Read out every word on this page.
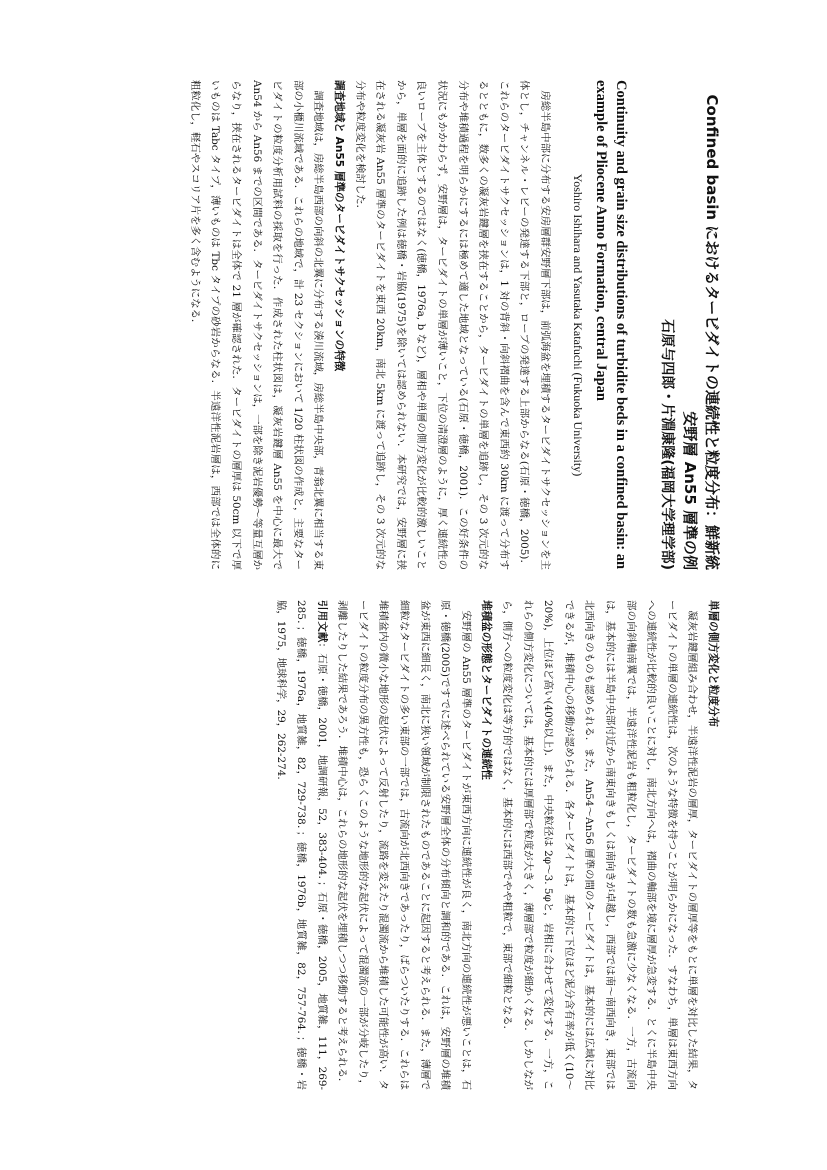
Confined basin におけるタービダイトの連続性と粒度分布：鮮新統安野層 An55 層準の例
石原与四郎・片淵康隆(福岡大学理学部)
Continuity and grain size distributions of turbidite beds in a confined basin: an example of Pliocene Anno Formation, central Japan
Yoshiro Ishihara and Yasutaka Katafuchi (Fukuoka University)

房総半島中部に分布する安房層群安野層下部は，前弧海盆を埋積するタービダイトサクセッションを主体とし，チャンネル・レビーの発達する下部と，ローブの発達する上部からなる(石原・徳橋，2005)．これらのタービダイトサクセッションは，1 対の背斜・向斜褶曲を含んで東西約 30km に渡って分布するとともに，数多くの凝灰岩鍵層を挟在することから，タービダイトの単層を追跡し，その 3 次元的な分布や堆積過程を明らかにするには極めて適した地域となっている(石原・徳橋，2001)．この好条件の状況にもかかわらず，安野層は，タービダイトの単層が薄いこと，下位の清澄層のように，厚く連続性の良いローブを主体とするのではなく(徳橋，1976a, b など)，層相や単層の側方変化が比較的激しいことから，単層を面的に追跡した例は徳橋・岩脇(1975)を除いては認められない．本研究では，安野層に挟在される凝灰岩 An55 層準のタービダイトを東西 20km，南北 5km に渡って追跡し，その 3 次元的な分布や粒度変化を検討した．

調査地域と An55 層準のタービダイトサクセッションの特徴

調査地域は，房総半島西部の向斜の北翼に分布する湊川流域，房総半島中央部，青翁北翼に相当する東部の小櫃川流域である．これらの地域で，計 23 セクションにおいて 1/20 柱状図の作成と，主要なタービダイトの粒度分析用試料の採取を行った．作成された柱状図は，凝灰岩鍵層 An55 を中心に最大で An54 から An56 までの区間である．タービダイトサクセッションは，一部を除き泥岩優勢～等量互層からなり，挟在されるタービダイトは全体で 21 層が確認された．タービダイトの層厚は 50cm 以下で厚いものは Tabc タイプ，薄いものは Tbc タイプの砂岩からなる．半遠洋性泥岩層は，西部では全体的に粗粒化し，軽石やスコリア片を多く含むようになる．

単層の側方変化と粒度分布

凝灰岩鍵層組み合わせ，半遠洋性泥岩の層厚，タービダイトの層厚等をもとに単層を対比した結果，タービダイトの単層の連続性は，次のような特徴を持つことが明らかになった．すなわち，単層は東西方向への連続性が比較的良いことに対し，南北方向へは，褶曲の軸部を境に層厚が急変する．とくに半島中央部の向斜軸南翼では，半遠洋性泥岩も粗粒化し，タービダイトの数も急激に少なくなる．一方，古流向は，基本的には半島中央部付近から南東向きもしくは南向きが卓越し，西部では南～南西向き，東部では北西向きのものも認められる．また，An54～An56 層準の間のタービダイトは，基本的には広域に対比できるが，堆積中心の移動が認められる．各タービダイトは，基本的に下位ほど泥分含有率が低く(10～20%)，上位ほど高い(40%以上)．また，中央粒径は 2φ～3. 5φと，岩相に合わせて変化する．一方，これらの側方変化については，基本的には厚層部で粒度が大きく，薄層部で粒度が細かくなる．しかしながら，側方への粒度変化は等方的ではなく，基本的には西部でやや粗粒で，東部で細粒となる．

堆積盆の形態とタービダイトの連続性

安野層の An55 層準のタービダイトが東西方向に連続性が良く，南北方向の連続性が悪いことは，石原・徳橋(2005)ですでに述べられている安野層全体の分布傾向と調和的である．これは，安野層の堆積盆が東西に細長く，南北に狭い領域が制限されたものであることに起因すると考えられる．また，薄層で細粒なタービダイトの多い東部の一部では，古流向が北西向きであったり，ばらついたりする．これらは堆積盆内の微小な地形の起伏によって反射したり，流路を変えたり混濁流から堆積した可能性が高い．タービダイトの粒度分布の異方性も，恐らくこのような地形的な起伏によって混濁流の一部が分岐したり，剥離したりした結果であろう．堆積中心は，これらの地形的な起伏を埋積しつつ移動すると考えられる．

引用文献：石原・徳橋，2001，地調研報，52，383-404．；石原・徳橋，2005，地質雑，111，269-285．；徳橋，1976a，地質雑，82，729-738．；徳橋，1976b，地質雑，82，757-764．；徳橋・岩脇，1975，地球科学，29，262-274.
